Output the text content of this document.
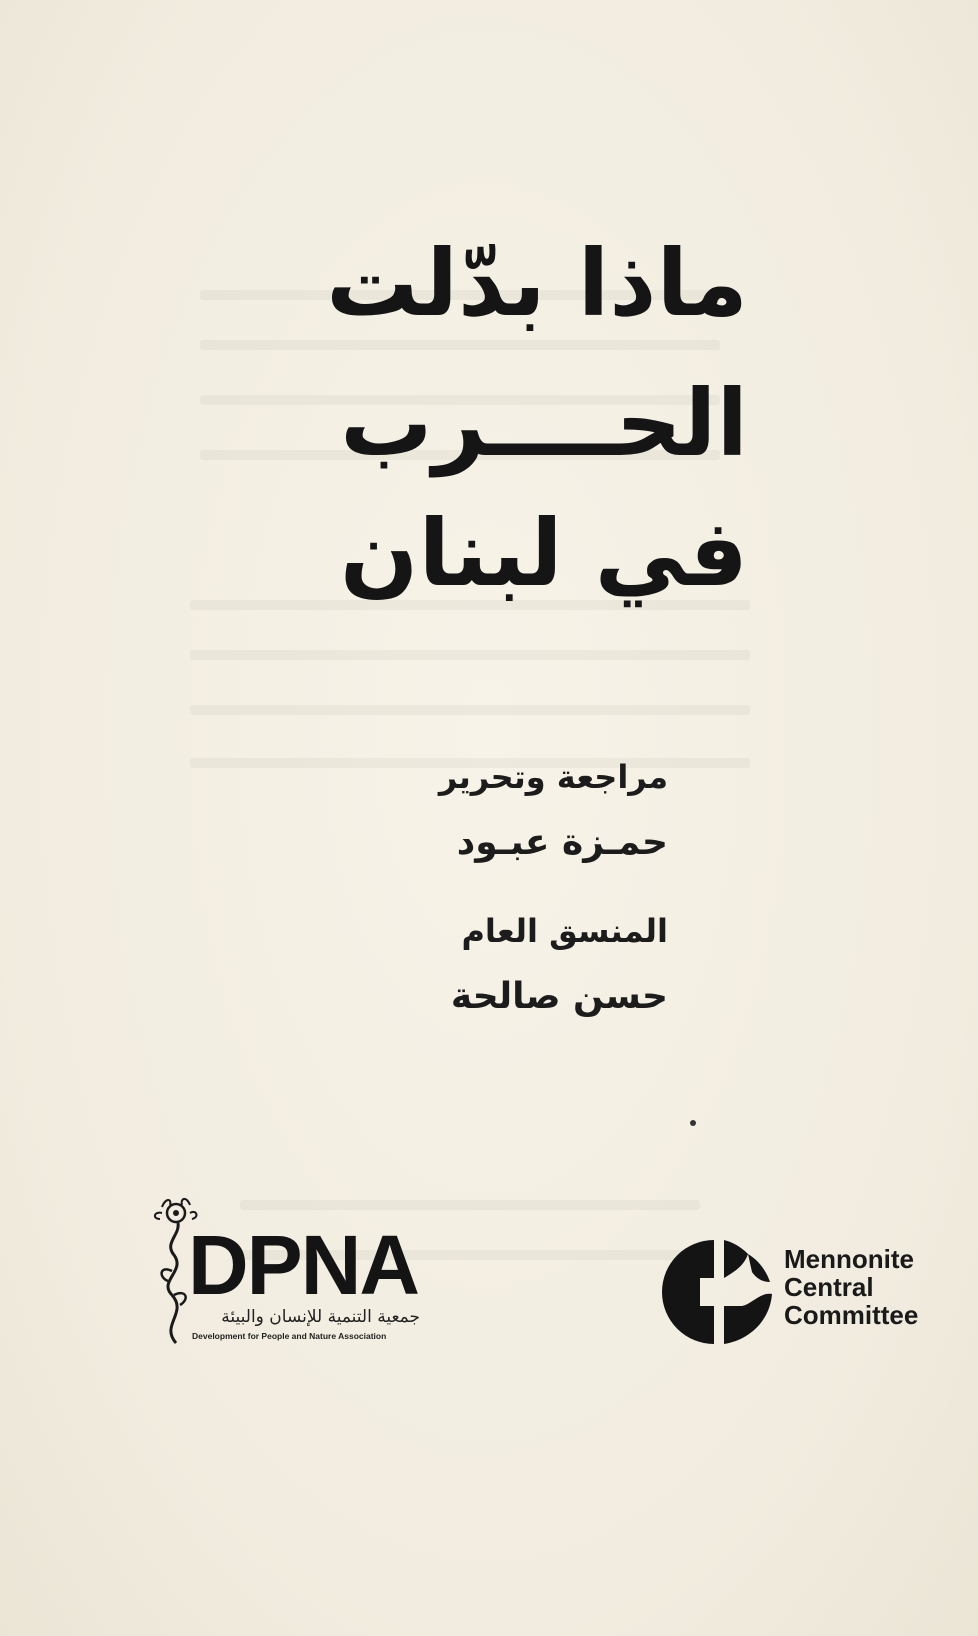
ماذا بدّلت
الحــــرب
في لبنان
مراجعة وتحرير
حمـزة عبـود
المنسق العام
حسن صالحة
DPNA
جمعية التنمية للإنسان والبيئة
Development for People and Nature Association
Mennonite
Central
Committee
